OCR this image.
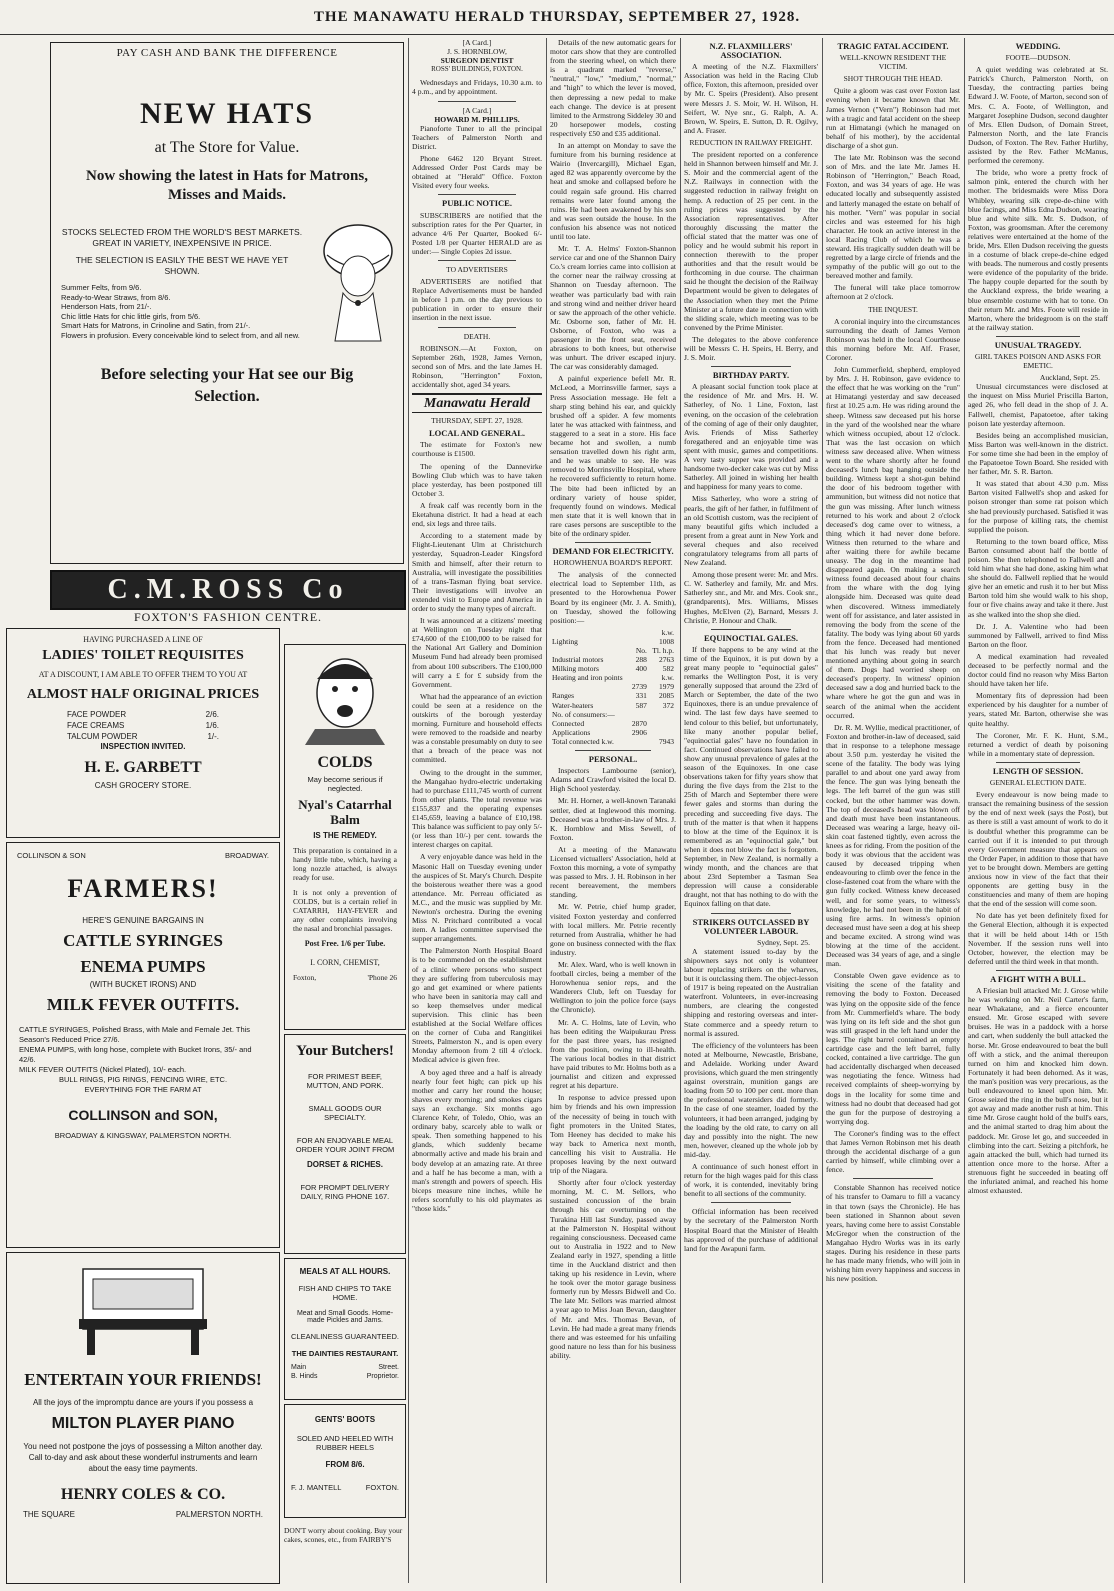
THE MANAWATU HERALD THURSDAY, SEPTEMBER 27, 1928.
PAY CASH AND BANK THE DIFFERENCE
NEW HATS
at The Store for Value.
Now showing the latest in Hats for Matrons, Misses and Maids.
STOCKS SELECTED FROM THE WORLD'S BEST MARKETS. GREAT IN VARIETY, INEXPENSIVE IN PRICE.
THE SELECTION IS EASILY THE BEST WE HAVE YET SHOWN.
Summer Felts, from 9/6.
Ready-to-Wear Straws, from 8/6.
Henderson Hats, from 21/-.
Chic little Hats for chic little girls, from 5/6.
Smart Hats for Matrons, in Crinoline and Satin, from 21/-.
Flowers in profusion. Every conceivable kind to select from, and all new.
Before selecting your Hat see our Big Selection.
C.M.ROSS Co
FOXTON'S FASHION CENTRE.
HAVING PURCHASED A LINE OF
LADIES' TOILET REQUISITES
AT A DISCOUNT, I AM ABLE TO OFFER THEM TO YOU AT
ALMOST HALF ORIGINAL PRICES
FACE POWDER	2/6.
FACE CREAMS	1/6.
TALCUM POWDER	1/-.
INSPECTION INVITED.
H. E. GARBETT
CASH GROCERY STORE.
COLLINSON & SON	BROADWAY.
FARMERS!
HERE'S GENUINE BARGAINS IN
CATTLE SYRINGES
ENEMA PUMPS
(WITH BUCKET IRONS) AND
MILK FEVER OUTFITS.
CATTLE SYRINGES, Polished Brass, with Male and Female Jet. This Season's Reduced Price 27/6.
ENEMA PUMPS, with long hose, complete with Bucket Irons, 35/- and 42/6.
MILK FEVER OUTFITS (Nickel Plated), 10/- each.
BULL RINGS, PIG RINGS, FENCING WIRE, ETC.
EVERYTHING FOR THE FARM AT
COLLINSON and SON,
BROADWAY & KINGSWAY, PALMERSTON NORTH.
ENTERTAIN YOUR FRIENDS!
All the joys of the impromptu dance are yours if you possess a
MILTON PLAYER PIANO
You need not postpone the joys of possessing a Milton another day. Call to-day and ask about these wonderful instruments and learn about the easy time payments.
HENRY COLES & CO.
THE SQUARE	PALMERSTON NORTH.
COLDS
May become serious if neglected.
Nyal's Catarrhal Balm
IS THE REMEDY.
This preparation is contained in a handy little tube, which, having a long nozzle attached, is always ready for use.
It is not only a prevention of COLDS, but is a certain relief in CATARRH, HAY-FEVER and any other complaints involving the nasal and bronchial passages.
Post Free. 1/6 per Tube.
I. CORN, CHEMIST,
Foxton,	'Phone 26
Your Butchers!
FOR PRIMEST BEEF, MUTTON, AND PORK.
SMALL GOODS OUR SPECIALTY.
FOR AN ENJOYABLE MEAL ORDER YOUR JOINT FROM
DORSET & RICHES.
FOR PROMPT DELIVERY DAILY, RING PHONE 167.
MEALS AT ALL HOURS.
FISH AND CHIPS TO TAKE HOME.
Meat and Small Goods. Home-made Pickles and Jams.
CLEANLINESS GUARANTEED.
THE DAINTIES RESTAURANT.
Main	Street.
B. Hinds	Proprietor.
GENTS' BOOTS
SOLED AND HEELED WITH RUBBER HEELS
FROM 8/6.
F. J. MANTELL	FOXTON.
DON'T worry about cooking. Buy your cakes, scones, etc., from FAIRBY'S
[A Card.]
J. S. HORNBLOW,
SURGEON DENTIST
ROSS' BUILDINGS, FOXTON.

Wednesdays and Fridays, 10.30 a.m. to 4 p.m., and by appointment.

[A Card.]
HOWARD M. PHILLIPS.

Pianoforte Tuner to all the principal Teachers of Palmerston North and District.

Phone 6462 120 Bryant Street. Addressed Order Post Cards may be obtained at "Herald" Office. Foxton Visited every four weeks.

PUBLIC NOTICE.

SUBSCRIBERS are notified that the subscription rates for the Per Quarter, in advance 4/6 Per Quarter, Booked 6/- Posted 1/8 per Quarter HERALD are as under:— Single Copies 2d issue.

TO ADVERTISERS

ADVERTISERS are notified that Replace Advertisements must be handed in before 1 p.m. on the day previous to publication in order to ensure their insertion in the next issue.

DEATH.

ROBINSON.—At Foxton, on September 26th, 1928, James Vernon, second son of Mrs. and the late James H. Robinson, "Herrington" Foxton, accidentally shot, aged 34 years.

Manawatu Herald
THURSDAY, SEPT. 27, 1928.
LOCAL AND GENERAL.

The estimate for Foxton's new courthouse is £1500.

The opening of the Dannevirke Bowling Club which was to have taken place yesterday, has been postponed till October 3.

A freak calf was recently born in the Eketahuna district. It had a head at each end, six legs and three tails.

According to a statement made by Flight-Lieutenant Ulm at Christchurch yesterday, Squadron-Leader Kingsford Smith and himself, after their return to Australia, will investigate the possibilities of a trans-Tasman flying boat service. Their investigations will involve an extended visit to Europe and America in order to study the many types of aircraft.

It was announced at a citizens' meeting at Wellington on Tuesday night that £74,600 of the £100,000 to be raised for the National Art Gallery and Dominion Museum Fund had already been promised from about 100 subscribers. The £100,000 will carry a £ for £ subsidy from the Government.

What had the appearance of an eviction could be seen at a residence on the outskirts of the borough yesterday morning. Furniture and household effects were removed to the roadside and nearby was a constable presumably on duty to see that a breach of the peace was not committed.

Owing to the drought in the summer, the Mangahao hydro-electric undertaking had to purchase £111,745 worth of current from other plants. The total revenue was £155,837 and the operating expenses £145,659, leaving a balance of £10,198. This balance was sufficient to pay only 5/- (or less than 10/-) per cent. towards the interest charges on capital.

A very enjoyable dance was held in the Masonic Hall on Tuesday evening under the auspices of St. Mary's Church. Despite the boisterous weather there was a good attendance. Mr. Perreau officiated as M.C., and the music was supplied by Mr. Newton's orchestra. During the evening Miss N. Pritchard contributed a vocal item. A ladies committee supervised the supper arrangements.

The Palmerston North Hospital Board is to be commended on the establishment of a clinic where persons who suspect they are suffering from tuberculosis may go and get examined or where patients who have been in sanitoria may call and so keep themselves under medical supervision. This clinic has been established at the Social Welfare offices on the corner of Cuba and Rangitikei Streets, Palmerston N., and is open every Monday afternoon from 2 till 4 o'clock. Medical advice is given free.

A boy aged three and a half is already nearly four feet high; can pick up his mother and carry her round the house; shaves every morning; and smokes cigars says an exchange. Six months ago Clarence Kehr, of Toledo, Ohio, was an ordinary baby, scarcely able to walk or speak. Then something happened to his glands, which suddenly became abnormally active and made his brain and body develop at an amazing rate. At three and a half he has become a man, with a man's strength and powers of speech. His biceps measure nine inches, while he refers scornfully to his old playmates as "those kids."

Details of the new automatic gears for motor cars show that they are controlled from the steering wheel, on which there is a quadrant marked "reverse," "neutral," "low," "medium," "normal," and "high" to which the lever is moved, then depressing a new pedal to make each change. The device is at present limited to the Armstrong Siddeley 30 and 20 horsepower models, costing respectively £50 and £35 additional.

In an attempt on Monday to save the furniture from his burning residence at Wairio (Invercargill), Michael Egan, aged 82 was apparently overcome by the heat and smoke and collapsed before he could regain safe ground. His charred remains were later found among the ruins. He had been awakened by his son and was seen outside the house. In the confusion his absence was not noticed until too late.

Mr. T. A. Helms' Foxton-Shannon service car and one of the Shannon Dairy Co.'s cream lorries came into collision at the corner near the railway crossing at Shannon on Tuesday afternoon. The weather was particularly bad with rain and strong wind and neither driver heard or saw the approach of the other vehicle. Mr. Osborne son, father of Mr. H. Osborne, of Foxton, who was a passenger in the front seat, received abrasions to both knees, but otherwise was unhurt. The driver escaped injury. The car was considerably damaged.

A painful experience befell Mr. R. McLeod, a Morrinsville farmer, says a Press Association message. He felt a sharp sting behind his ear, and quickly brushed off a spider. A few moments later he was attacked with faintness, and staggered to a seat in a store. His face became hot and swollen, a numb sensation travelled down his right arm, and he was unable to see. He was removed to Morrinsville Hospital, where he recovered sufficiently to return home. The bite had been inflicted by an ordinary variety of house spider, frequently found on windows. Medical men state that it is well known that in rare cases persons are susceptible to the bite of the ordinary spider.

DEMAND FOR ELECTRICITY.
HOROWHENUA BOARD'S REPORT.

The analysis of the connected electrical load to September 11th, as presented to the Horowhenua Power Board by its engineer (Mr. J. A. Smith), on Tuesday, showed the following position:—

		k.w.
Lighting		1008
	No.	Tl. h.p.
Industrial motors	288	2763
Milking motors	400	582
Heating and iron points		k.w.
	2739	1979
Ranges	331	2085
Water-heaters	587	372
No. of consumers:—		
Connected	2870	
Applications	2906	
Total connected k.w.		7943
PERSONAL.

Inspectors Lambourne (senior), Adams and Crawford visited the local D. High School yesterday.

Mr. H. Horner, a well-known Taranaki settler, died at Inglewood this morning. Deceased was a brother-in-law of Mrs. J. K. Hornblow and Miss Sewell, of Foxton.

At a meeting of the Manawatu Licensed victuallers' Association, held at Foxton this morning, a vote of sympathy was passed to Mrs. J. H. Robinson in her recent bereavement, the members standing.

Mr. W. Petrie, chief hump grader, visited Foxton yesterday and conferred with local millers. Mr. Petrie recently returned from Australia, whither he had gone on business connected with the flax industry.

Mr. Alex. Ward, who is well known in football circles, being a member of the Horowhenua senior reps, and the Wanderers Club, left on Tuesday for Wellington to join the police force (says the Chronicle).

Mr. A. C. Holms, late of Levin, who has been editing the Waipukurau Press for the past three years, has resigned from the position, owing to ill-health. The various local bodies in that district have paid tributes to Mr. Holms both as a journalist and citizen and expressed regret at his departure.

In response to advice pressed upon him by friends and his own impression of the necessity of being in touch with fight promoters in the United States, Tom Heeney has decided to make his way back to America next month, cancelling his visit to Australia. He proposes leaving by the next outward trip of the Niagara.

Shortly after four o'clock yesterday morning, M. C. M. Sellors, who sustained concussion of the brain through his car overturning on the Turakina Hill last Sunday, passed away at the Palmerston N. Hospital without regaining consciousness. Deceased came out to Australia in 1922 and to New Zealand early in 1927, spending a little time in the Auckland district and then taking up his residence in Levin, where he took over the motor garage business formerly run by Messrs Bidwell and Co. The late Mr. Sellors was married almost a year ago to Miss Joan Bevan, daughter of Mr. and Mrs. Thomas Bevan, of Levin. He had made a great many friends there and was esteemed for his unfailing good nature no less than for his business ability.

N.Z. FLAXMILLERS' ASSOCIATION.

A meeting of the N.Z. Flaxmillers' Association was held in the Racing Club office, Foxton, this afternoon, presided over by Mr. C. Speirs (President). Also present were Messrs J. S. Moir, W. H. Wilson, H. Seifert, W. Nye snr., G. Ralph, A. A. Brown, W. Speirs, E. Sutton, D. R. Ogilvy, and A. Fraser.

REDUCTION IN RAILWAY FREIGHT.

The president reported on a conference held in Shannon between himself and Mr. J. S. Moir and the commercial agent of the N.Z. Railways in connection with the suggested reduction in railway freight on hemp. A reduction of 25 per cent. in the ruling prices was suggested by the Association representatives. After thoroughly discussing the matter the official stated that the matter was one of policy and he would submit his report in connection therewith to the proper authorities and that the result would be forthcoming in due course. The chairman said he thought the decision of the Railway Department would be given to delegates of the Association when they met the Prime Minister at a future date in connection with the sliding scale, which meeting was to be convened by the Prime Minister.

The delegates to the above conference will be Messrs C. H. Speirs, H. Berry, and J. S. Moir.

BIRTHDAY PARTY.

A pleasant social function took place at the residence of Mr. and Mrs. H. W. Satherley, of No. 1 Line, Foxton, last evening, on the occasion of the celebration of the coming of age of their only daughter, Avis. Friends of Miss Satherley foregathered and an enjoyable time was spent with music, games and competitions. A very tasty supper was provided and a handsome two-decker cake was cut by Miss Satherley. All joined in wishing her health and happiness for many years to come.

Miss Satherley, who wore a string of pearls, the gift of her father, in fulfilment of an old Scottish custom, was the recipient of many beautiful gifts which included a present from a great aunt in New York and several cheques and also received congratulatory telegrams from all parts of New Zealand.

Among those present were: Mr. and Mrs. C. W. Satherley and family, Mr. and Mrs. Satherley snr., and Mr. and Mrs. Cook snr., (grandparents), Mrs. Williams, Misses Hughes, McElven (2), Barnard, Messrs J. Christie, P. Honour and Chalk.

EQUINOCTIAL GALES.

If there happens to be any wind at the time of the Equinox, it is put down by a great many people to "equinoctial gales" remarks the Wellington Post, it is very generally supposed that around the 23rd of March or September, the date of the two Equinoxes, there is an undue prevalence of wind. The last few days have seemed to lend colour to this belief, but unfortunately, like many another popular belief, "equinoctial gales" have no foundation in fact. Continued observations have failed to show any unusual prevalence of gales at the season of the Equinoxes. In one case observations taken for fifty years show that during the five days from the 21st to the 25th of March and September there were fewer gales and storms than during the preceding and succeeding five days. The truth of the matter is that when it happens to blow at the time of the Equinox it is remembered as an "equinoctial gale," but when it does not blow the fact is forgotten. September, in New Zealand, is normally a windy month, and the chances are that about 23rd September a Tasman Sea depression will cause a considerable draught, not that has nothing to do with the Equinox falling on that date.

STRIKERS OUTCLASSED BY VOLUNTEER LABOUR.
Sydney, Sept. 25.

A statement issued to-day by the shipowners says not only is volunteer labour replacing strikers on the wharves, but it is outclassing them. The object-lesson of 1917 is being repeated on the Australian waterfront. Volunteers, in ever-increasing numbers, are clearing the congested shipping and restoring overseas and inter-State commerce and a speedy return to normal is assured.

The efficiency of the volunteers has been noted at Melbourne, Newcastle, Brisbane, and Adelaide. Working under Award provisions, which guard the men stringently against overstrain, munition gangs are loading from 50 to 100 per cent. more than the professional watersiders did formerly. In the case of one steamer, loaded by the volunteers, it had been arranged, judging by the loading by the old rate, to carry on all day and possibly into the night. The new men, however, cleaned up the whole job by mid-day.

A continuance of such honest effort in return for the high wages paid for this class of work, it is contended, inevitably bring benefit to all sections of the community.

Official information has been received by the secretary of the Palmerston North Hospital Board that the Minister of Health has approved of the purchase of additional land for the Awapuni farm.

TRAGIC FATAL ACCIDENT.
WELL-KNOWN RESIDENT THE VICTIM.
SHOT THROUGH THE HEAD.

Quite a gloom was cast over Foxton last evening when it became known that Mr. James Vernon ("Vern") Robinson had met with a tragic and fatal accident on the sheep run at Himatangi (which he managed on behalf of his mother), by the accidental discharge of a shot gun.

The late Mr. Robinson was the second son of Mrs. and the late Mr. James H. Robinson of "Herrington," Beach Road, Foxton, and was 34 years of age. He was educated locally and subsequently assisted and latterly managed the estate on behalf of his mother. "Vern" was popular in social circles and was esteemed for his high character. He took an active interest in the local Racing Club of which he was a steward. His tragically sudden death will be regretted by a large circle of friends and the sympathy of the public will go out to the bereaved mother and family.

The funeral will take place tomorrow afternoon at 2 o'clock.

THE INQUEST.

A coronial inquiry into the circumstances surrounding the death of James Vernon Robinson was held in the local Courthouse this morning before Mr. Alf. Fraser, Coroner.

John Cummerfield, shepherd, employed by Mrs. J. H. Robinson, gave evidence to the effect that he was working on the "run" at Himatangi yesterday and saw deceased first at 10.25 a.m. He was riding around the sheep. Witness saw deceased put his horse in the yard of the woolshed near the whare which witness occupied, about 12 o'clock. That was the last occasion on which witness saw deceased alive. When witness went to the whare shortly after he found deceased's lunch bag hanging outside the building. Witness kept a shot-gun behind the door of his bedroom together with ammunition, but witness did not notice that the gun was missing. After lunch witness returned to his work and about 2 o'clock deceased's dog came over to witness, a thing which it had never done before. Witness then returned to the whare and after waiting there for awhile became uneasy. The dog in the meantime had disappeared again. On making a search witness found deceased about four chains from the whare with the dog lying alongside him. Deceased was quite dead when discovered. Witness immediately went off for assistance, and later assisted in removing the body from the scene of the fatality. The body was lying about 60 yards from the fence. Deceased had mentioned that his lunch was ready but never mentioned anything about going in search of them. Dogs had worried sheep on deceased's property. In witness' opinion deceased saw a dog and hurried back to the whare where he got the gun and was in search of the animal when the accident occurred.

Dr. R. M. Wyllie, medical practitioner, of Foxton and brother-in-law of deceased, said that in response to a telephone message about 3.50 p.m. yesterday he visited the scene of the fatality. The body was lying parallel to and about one yard away from the fence. The gun was lying beneath the legs. The left barrel of the gun was still cocked, but the other hammer was down. The top of deceased's head was blown off and death must have been instantaneous. Deceased was wearing a large, heavy oil-skin coat fastened tightly, even across the knees as for riding. From the position of the body it was obvious that the accident was caused by deceased tripping when endeavouring to climb over the fence in the close-fastened coat from the whare with the gun fully cocked. Witness knew deceased well, and for some years, to witness's knowledge, he had not been in the habit of using fire arms. In witness's opinion deceased must have seen a dog at his sheep and became excited. A strong wind was blowing at the time of the accident. Deceased was 34 years of age, and a single man.

Constable Owen gave evidence as to visiting the scene of the fatality and removing the body to Foxton. Deceased was lying on the opposite side of the fence from Mr. Cummerfield's whare. The body was lying on its left side and the shot gun was still grasped in the left hand under the legs. The right barrel contained an empty cartridge case and the left barrel, fully cocked, contained a live cartridge. The gun had accidentally discharged when deceased was negotiating the fence. Witness had received complaints of sheep-worrying by dogs in the locality for some time and witness had no doubt that deceased had got the gun for the purpose of destroying a worrying dog.

The Coroner's finding was to the effect that James Vernon Robinson met his death through the accidental discharge of a gun carried by himself, while climbing over a fence.

Constable Shannon has received notice of his transfer to Oamaru to fill a vacancy in that town (says the Chronicle). He has been stationed in Shannon about seven years, having come here to assist Constable McGregor when the construction of the Mangahao Hydro Works was in its early stages. During his residence in these parts he has made many friends, who will join in wishing him every happiness and success in his new position.

WEDDING.
FOOTE—DUDSON.

A quiet wedding was celebrated at St. Patrick's Church, Palmerston North, on Tuesday, the contracting parties being Edward J. W. Foote, of Marton, second son of Mrs. C. A. Foote, of Wellington, and Margaret Josephine Dudson, second daughter of Mrs. Ellen Dudson, of Domain Street, Palmerston North, and the late Francis Dudson, of Foxton. The Rev. Father Hurlihy, assisted by the Rev. Father McManus, performed the ceremony.

The bride, who wore a pretty frock of salmon pink, entered the church with her mother. The bridesmaids were Miss Dora Whibley, wearing silk crepe-de-chine with blue facings, and Miss Edna Dudson, wearing blue and white silk. Mr. S. Dudson, of Foxton, was groomsman. After the ceremony relatives were entertained at the home of the bride, Mrs. Ellen Dudson receiving the guests in a costume of black crepe-de-chine edged with beads. The numerous and costly presents were evidence of the popularity of the bride. The happy couple departed for the south by the Auckland express, the bride wearing a blue ensemble costume with hat to tone. On their return Mr. and Mrs. Foote will reside in Marton, where the bridegroom is on the staff at the railway station.

UNUSUAL TRAGEDY.
GIRL TAKES POISON AND ASKS FOR EMETIC.
Auckland, Sept. 25.

Unusual circumstances were disclosed at the inquest on Miss Muriel Priscilla Barton, aged 26, who fell dead in the shop of J. A. Fallwell, chemist, Papatoetoe, after taking poison late yesterday afternoon.

Besides being an accomplished musician, Miss Barton was well-known in the district. For some time she had been in the employ of the Papatoetoe Town Board. She resided with her father, Mr. S. R. Barton.

It was stated that about 4.30 p.m. Miss Barton visited Fallwell's shop and asked for poison stronger than some rat poison which she had previously purchased. Satisfied it was for the purpose of killing rats, the chemist supplied the poison.

Returning to the town board office, Miss Barton consumed about half the bottle of poison. She then telephoned to Fallwell and told him what she had done, asking him what she should do. Fallwell replied that he would give her an emetic and rush it to her but Miss Barton told him she would walk to his shop, four or five chains away and take it there. Just as she walked into the shop she died.

Dr. J. A. Valentine who had been summoned by Fallwell, arrived to find Miss Barton on the floor.

A medical examination had revealed deceased to be perfectly normal and the doctor could find no reason why Miss Barton should have taken her life.

Momentary fits of depression had been experienced by his daughter for a number of years, stated Mr. Barton, otherwise she was quite healthy.

The Coroner, Mr. F. K. Hunt, S.M., returned a verdict of death by poisoning while in a momentary state of depression.

LENGTH OF SESSION.
GENERAL ELECTION DATE.

Every endeavour is now being made to transact the remaining business of the session by the end of next week (says the Post), but as there is still a vast amount of work to do it is doubtful whether this programme can be carried out if it is intended to put through every Government measure that appears on the Order Paper, in addition to those that have yet to be brought down. Members are getting anxious now in view of the fact that their opponents are getting busy in the constituencies and many of them are hoping that the end of the session will come soon.

No date has yet been definitely fixed for the General Election, although it is expected that it will be held about 14th or 15th November. If the session runs well into October, however, the election may be deferred until the third week in that month.

A FIGHT WITH A BULL.

A Friesian bull attacked Mr. J. Grose while he was working on Mr. Neil Carter's farm, near Whakatane, and a fierce encounter ensued. Mr. Grose escaped with severe bruises. He was in a paddock with a horse and cart, when suddenly the bull attacked the horse. Mr. Grose endeavoured to beat the bull off with a stick, and the animal thereupon turned on him and knocked him down. Fortunately it had been dehorned. As it was, the man's position was very precarious, as the bull endeavoured to kneel upon him. Mr. Grose seized the ring in the bull's nose, but it got away and made another rush at him. This time Mr. Grose caught hold of the bull's ears, and the animal started to drag him about the paddock. Mr. Grose let go, and succeeded in climbing into the cart. Seizing a pitchfork, he again attacked the bull, which had turned its attention once more to the horse. After a strenuous fight he succeeded in beating off the infuriated animal, and reached his home almost exhausted.
